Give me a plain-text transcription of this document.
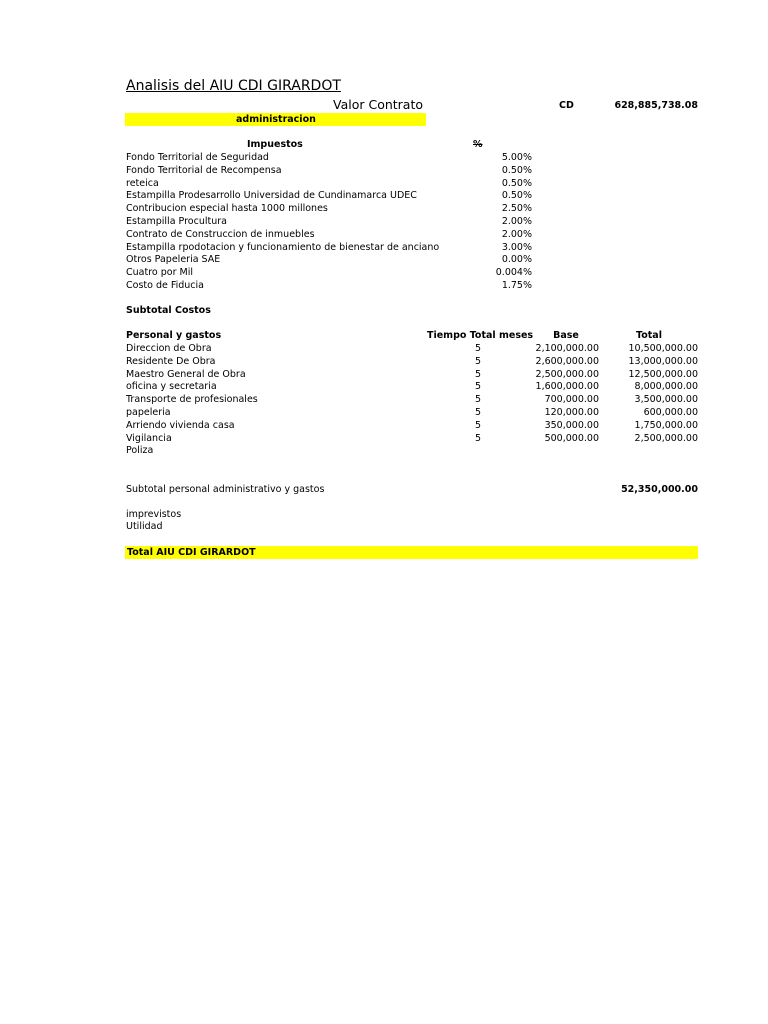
Analisis del AIU CDI GIRARDOT
Valor Contrato	CD	628,885,738.08
administracion
Impuestos	%
Fondo Territorial de Seguridad	5.00%
Fondo Territorial de Recompensa	0.50%
reteica	0.50%
Estampilla Prodesarrollo Universidad de Cundinamarca UDEC	0.50%
Contribucion especial hasta 1000 millones	2.50%
Estampilla Procultura	2.00%
Contrato de Construccion de inmuebles	2.00%
Estampilla rpodotacion y funcionamiento de bienestar de anciano	3.00%
Otros Papeleria SAE	0.00%
Cuatro por Mil	0.004%
Costo de Fiducia	1.75%
Subtotal Costos
Personal y gastos	Tiempo Total meses	Base	Total
Direccion de Obra	5	2,100,000.00	10,500,000.00
Residente De Obra	5	2,600,000.00	13,000,000.00
Maestro General de Obra	5	2,500,000.00	12,500,000.00
oficina y secretaria	5	1,600,000.00	8,000,000.00
Transporte de profesionales	5	700,000.00	3,500,000.00
papeleria	5	120,000.00	600,000.00
Arriendo vivienda casa	5	350,000.00	1,750,000.00
Vigilancia	5	500,000.00	2,500,000.00
Poliza
Subtotal personal administrativo y gastos	52,350,000.00
imprevistos
Utilidad
Total AIU CDI GIRARDOT
